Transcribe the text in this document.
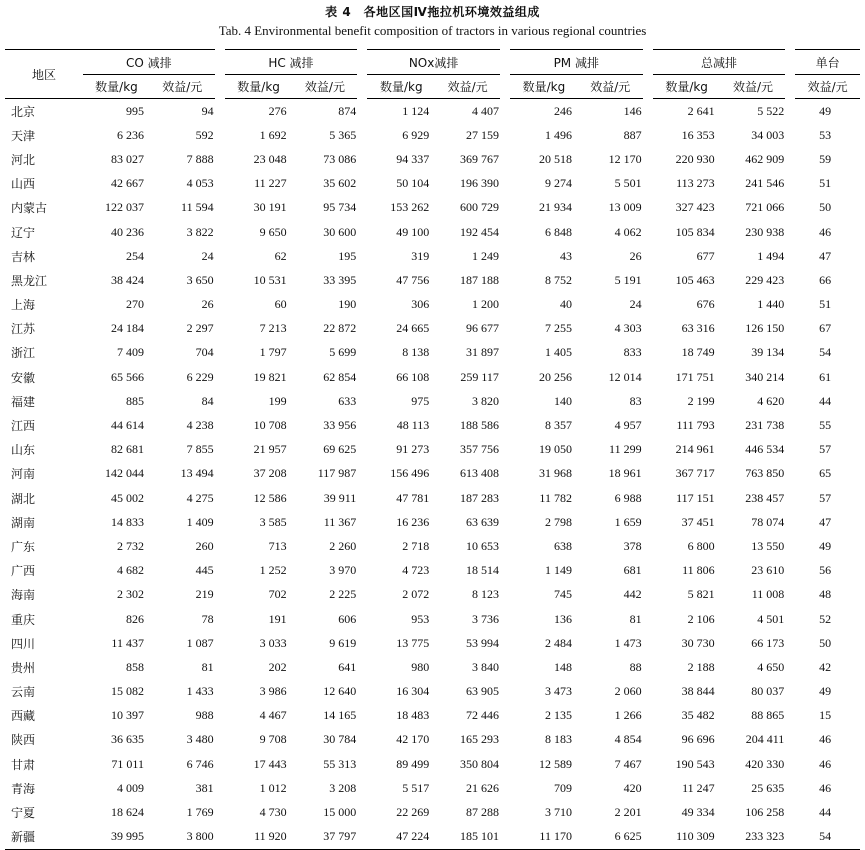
表 4　各地区国Ⅳ拖拉机环境效益组成
Tab. 4 Environmental benefit composition of tractors in various regional countries
地区	CO 减排		HC 减排		NOx减排		PM 减排		总减排		单台
	数量/kg	效益/元	数量/kg	效益/元	数量/kg	效益/元	数量/kg	效益/元	数量/kg	效益/元	效益/元
北京	995	94	276	874	1 124	4 407	246	146	2 641	5 522	49
天津	6 236	592	1 692	5 365	6 929	27 159	1 496	887	16 353	34 003	53
河北	83 027	7 888	23 048	73 086	94 337	369 767	20 518	12 170	220 930	462 909	59
山西	42 667	4 053	11 227	35 602	50 104	196 390	9 274	5 501	113 273	241 546	51
内蒙古	122 037	11 594	30 191	95 734	153 262	600 729	21 934	13 009	327 423	721 066	50
辽宁	40 236	3 822	9 650	30 600	49 100	192 454	6 848	4 062	105 834	230 938	46
吉林	254	24	62	195	319	1 249	43	26	677	1 494	47
黑龙江	38 424	3 650	10 531	33 395	47 756	187 188	8 752	5 191	105 463	229 423	66
上海	270	26	60	190	306	1 200	40	24	676	1 440	51
江苏	24 184	2 297	7 213	22 872	24 665	96 677	7 255	4 303	63 316	126 150	67
浙江	7 409	704	1 797	5 699	8 138	31 897	1 405	833	18 749	39 134	54
安徽	65 566	6 229	19 821	62 854	66 108	259 117	20 256	12 014	171 751	340 214	61
福建	885	84	199	633	975	3 820	140	83	2 199	4 620	44
江西	44 614	4 238	10 708	33 956	48 113	188 586	8 357	4 957	111 793	231 738	55
山东	82 681	7 855	21 957	69 625	91 273	357 756	19 050	11 299	214 961	446 534	57
河南	142 044	13 494	37 208	117 987	156 496	613 408	31 968	18 961	367 717	763 850	65
湖北	45 002	4 275	12 586	39 911	47 781	187 283	11 782	6 988	117 151	238 457	57
湖南	14 833	1 409	3 585	11 367	16 236	63 639	2 798	1 659	37 451	78 074	47
广东	2 732	260	713	2 260	2 718	10 653	638	378	6 800	13 550	49
广西	4 682	445	1 252	3 970	4 723	18 514	1 149	681	11 806	23 610	56
海南	2 302	219	702	2 225	2 072	8 123	745	442	5 821	11 008	48
重庆	826	78	191	606	953	3 736	136	81	2 106	4 501	52
四川	11 437	1 087	3 033	9 619	13 775	53 994	2 484	1 473	30 730	66 173	50
贵州	858	81	202	641	980	3 840	148	88	2 188	4 650	42
云南	15 082	1 433	3 986	12 640	16 304	63 905	3 473	2 060	38 844	80 037	49
西藏	10 397	988	4 467	14 165	18 483	72 446	2 135	1 266	35 482	88 865	15
陕西	36 635	3 480	9 708	30 784	42 170	165 293	8 183	4 854	96 696	204 411	46
甘肃	71 011	6 746	17 443	55 313	89 499	350 804	12 589	7 467	190 543	420 330	46
青海	4 009	381	1 012	3 208	5 517	21 626	709	420	11 247	25 635	46
宁夏	18 624	1 769	4 730	15 000	22 269	87 288	3 710	2 201	49 334	106 258	44
新疆	39 995	3 800	11 920	37 797	47 224	185 101	11 170	6 625	110 309	233 323	54
